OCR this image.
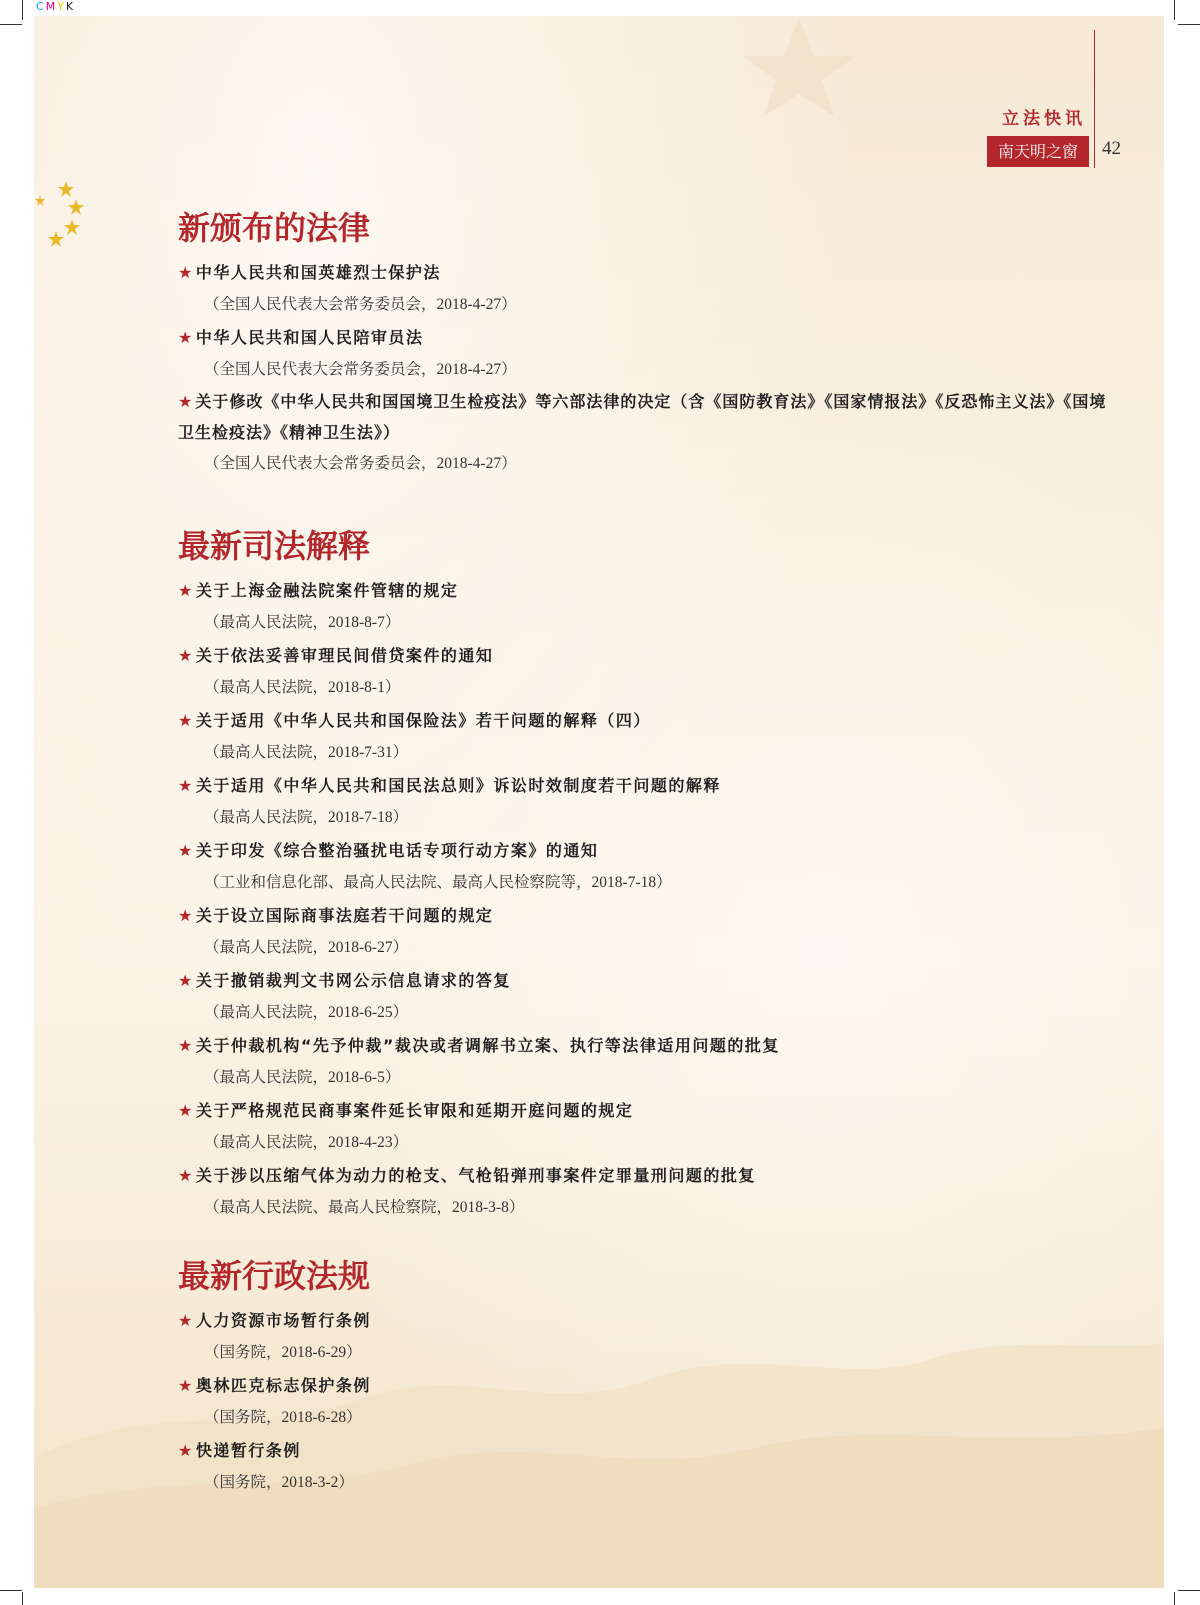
CMYK
立法快讯
南天明之窗	42
新颁布的法律
★ 中华人民共和国英雄烈士保护法
（全国人民代表大会常务委员会，2018-4-27）
★ 中华人民共和国人民陪审员法
（全国人民代表大会常务委员会，2018-4-27）
★ 关于修改《中华人民共和国国境卫生检疫法》等六部法律的决定（含《国防教育法》《国家情报法》《反恐怖主义法》《国境卫生检疫法》《精神卫生法》）
（全国人民代表大会常务委员会，2018-4-27）
最新司法解释
★ 关于上海金融法院案件管辖的规定
（最高人民法院，2018-8-7）
★ 关于依法妥善审理民间借贷案件的通知
（最高人民法院，2018-8-1）
★ 关于适用《中华人民共和国保险法》若干问题的解释（四）
（最高人民法院，2018-7-31）
★ 关于适用《中华人民共和国民法总则》诉讼时效制度若干问题的解释
（最高人民法院，2018-7-18）
★ 关于印发《综合整治骚扰电话专项行动方案》的通知
（工业和信息化部、最高人民法院、最高人民检察院等，2018-7-18）
★ 关于设立国际商事法庭若干问题的规定
（最高人民法院，2018-6-27）
★ 关于撤销裁判文书网公示信息请求的答复
（最高人民法院，2018-6-25）
★ 关于仲裁机构“先予仲裁”裁决或者调解书立案、执行等法律适用问题的批复
（最高人民法院，2018-6-5）
★ 关于严格规范民商事案件延长审限和延期开庭问题的规定
（最高人民法院，2018-4-23）
★ 关于涉以压缩气体为动力的枪支、气枪铅弹刑事案件定罪量刑问题的批复
（最高人民法院、最高人民检察院，2018-3-8）
最新行政法规
★ 人力资源市场暂行条例
（国务院，2018-6-29）
★ 奥林匹克标志保护条例
（国务院，2018-6-28）
★ 快递暂行条例
（国务院，2018-3-2）
